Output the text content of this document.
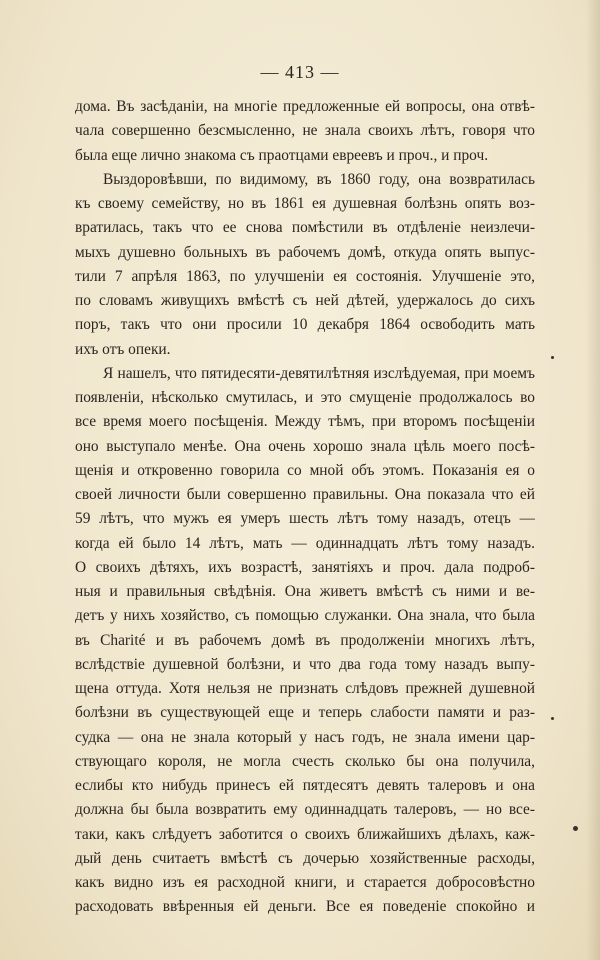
— 413 —
дома. Въ засѣданіи, на многіе предложенные ей вопросы, она отвѣ-
чала совершенно безсмысленно, не знала своихъ лѣтъ, говоря что
была еще лично знакома съ праотцами евреевъ и проч., и проч.
Выздоровѣвши, по видимому, въ 1860 году, она возвратилась
къ своему семейству, но въ 1861 ея душевная болѣзнь опять воз-
вратилась, такъ что ее снова помѣстили въ отдѣленіе неизлечи-
мыхъ душевно больныхъ въ рабочемъ домѣ, откуда опять выпус-
тили 7 апрѣля 1863, по улучшеніи ея состоянія. Улучшеніе это,
по словамъ живущихъ вмѣстѣ съ ней дѣтей, удержалось до сихъ
поръ, такъ что они просили 10 декабря 1864 освободить мать
ихъ отъ опеки.
Я нашелъ, что пятидесяти-девятилѣтняя изслѣдуемая, при моемъ
появленіи, нѣсколько смутилась, и это смущеніе продолжалось во
все время моего посѣщенія. Между тѣмъ, при второмъ посѣщеніи
оно выступало менѣе. Она очень хорошо знала цѣль моего посѣ-
щенія и откровенно говорила со мной объ этомъ. Показанія ея о
своей личности были совершенно правильны. Она показала что ей
59 лѣтъ, что мужъ ея умеръ шесть лѣтъ тому назадъ, отецъ —
когда ей было 14 лѣтъ, мать — одиннадцать лѣтъ тому назадъ.
О своихъ дѣтяхъ, ихъ возрастѣ, занятіяхъ и проч. дала подроб-
ныя и правильныя свѣдѣнія. Она живетъ вмѣстѣ съ ними и ве-
детъ у нихъ хозяйство, съ помощью служанки. Она знала, что была
въ Charité и въ рабочемъ домѣ въ продолженіи многихъ лѣтъ,
вслѣдствіе душевной болѣзни, и что два года тому назадъ выпу-
щена оттуда. Хотя нельзя не признать слѣдовъ прежней душевной
болѣзни въ существующей еще и теперь слабости памяти и раз-
судка — она не знала который у насъ годъ, не знала имени цар-
ствующаго короля, не могла счесть сколько бы она получила,
еслибы кто нибудь принесъ ей пятдесятъ девять талеровъ и она
должна бы была возвратить ему одиннадцать талеровъ, — но все-
таки, какъ слѣдуетъ заботится о своихъ ближайшихъ дѣлахъ, каж-
дый день считаетъ вмѣстѣ съ дочерью хозяйственные расходы,
какъ видно изъ ея расходной книги, и старается добросовѣстно
расходовать ввѣренныя ей деньги. Все ея поведеніе спокойно и
